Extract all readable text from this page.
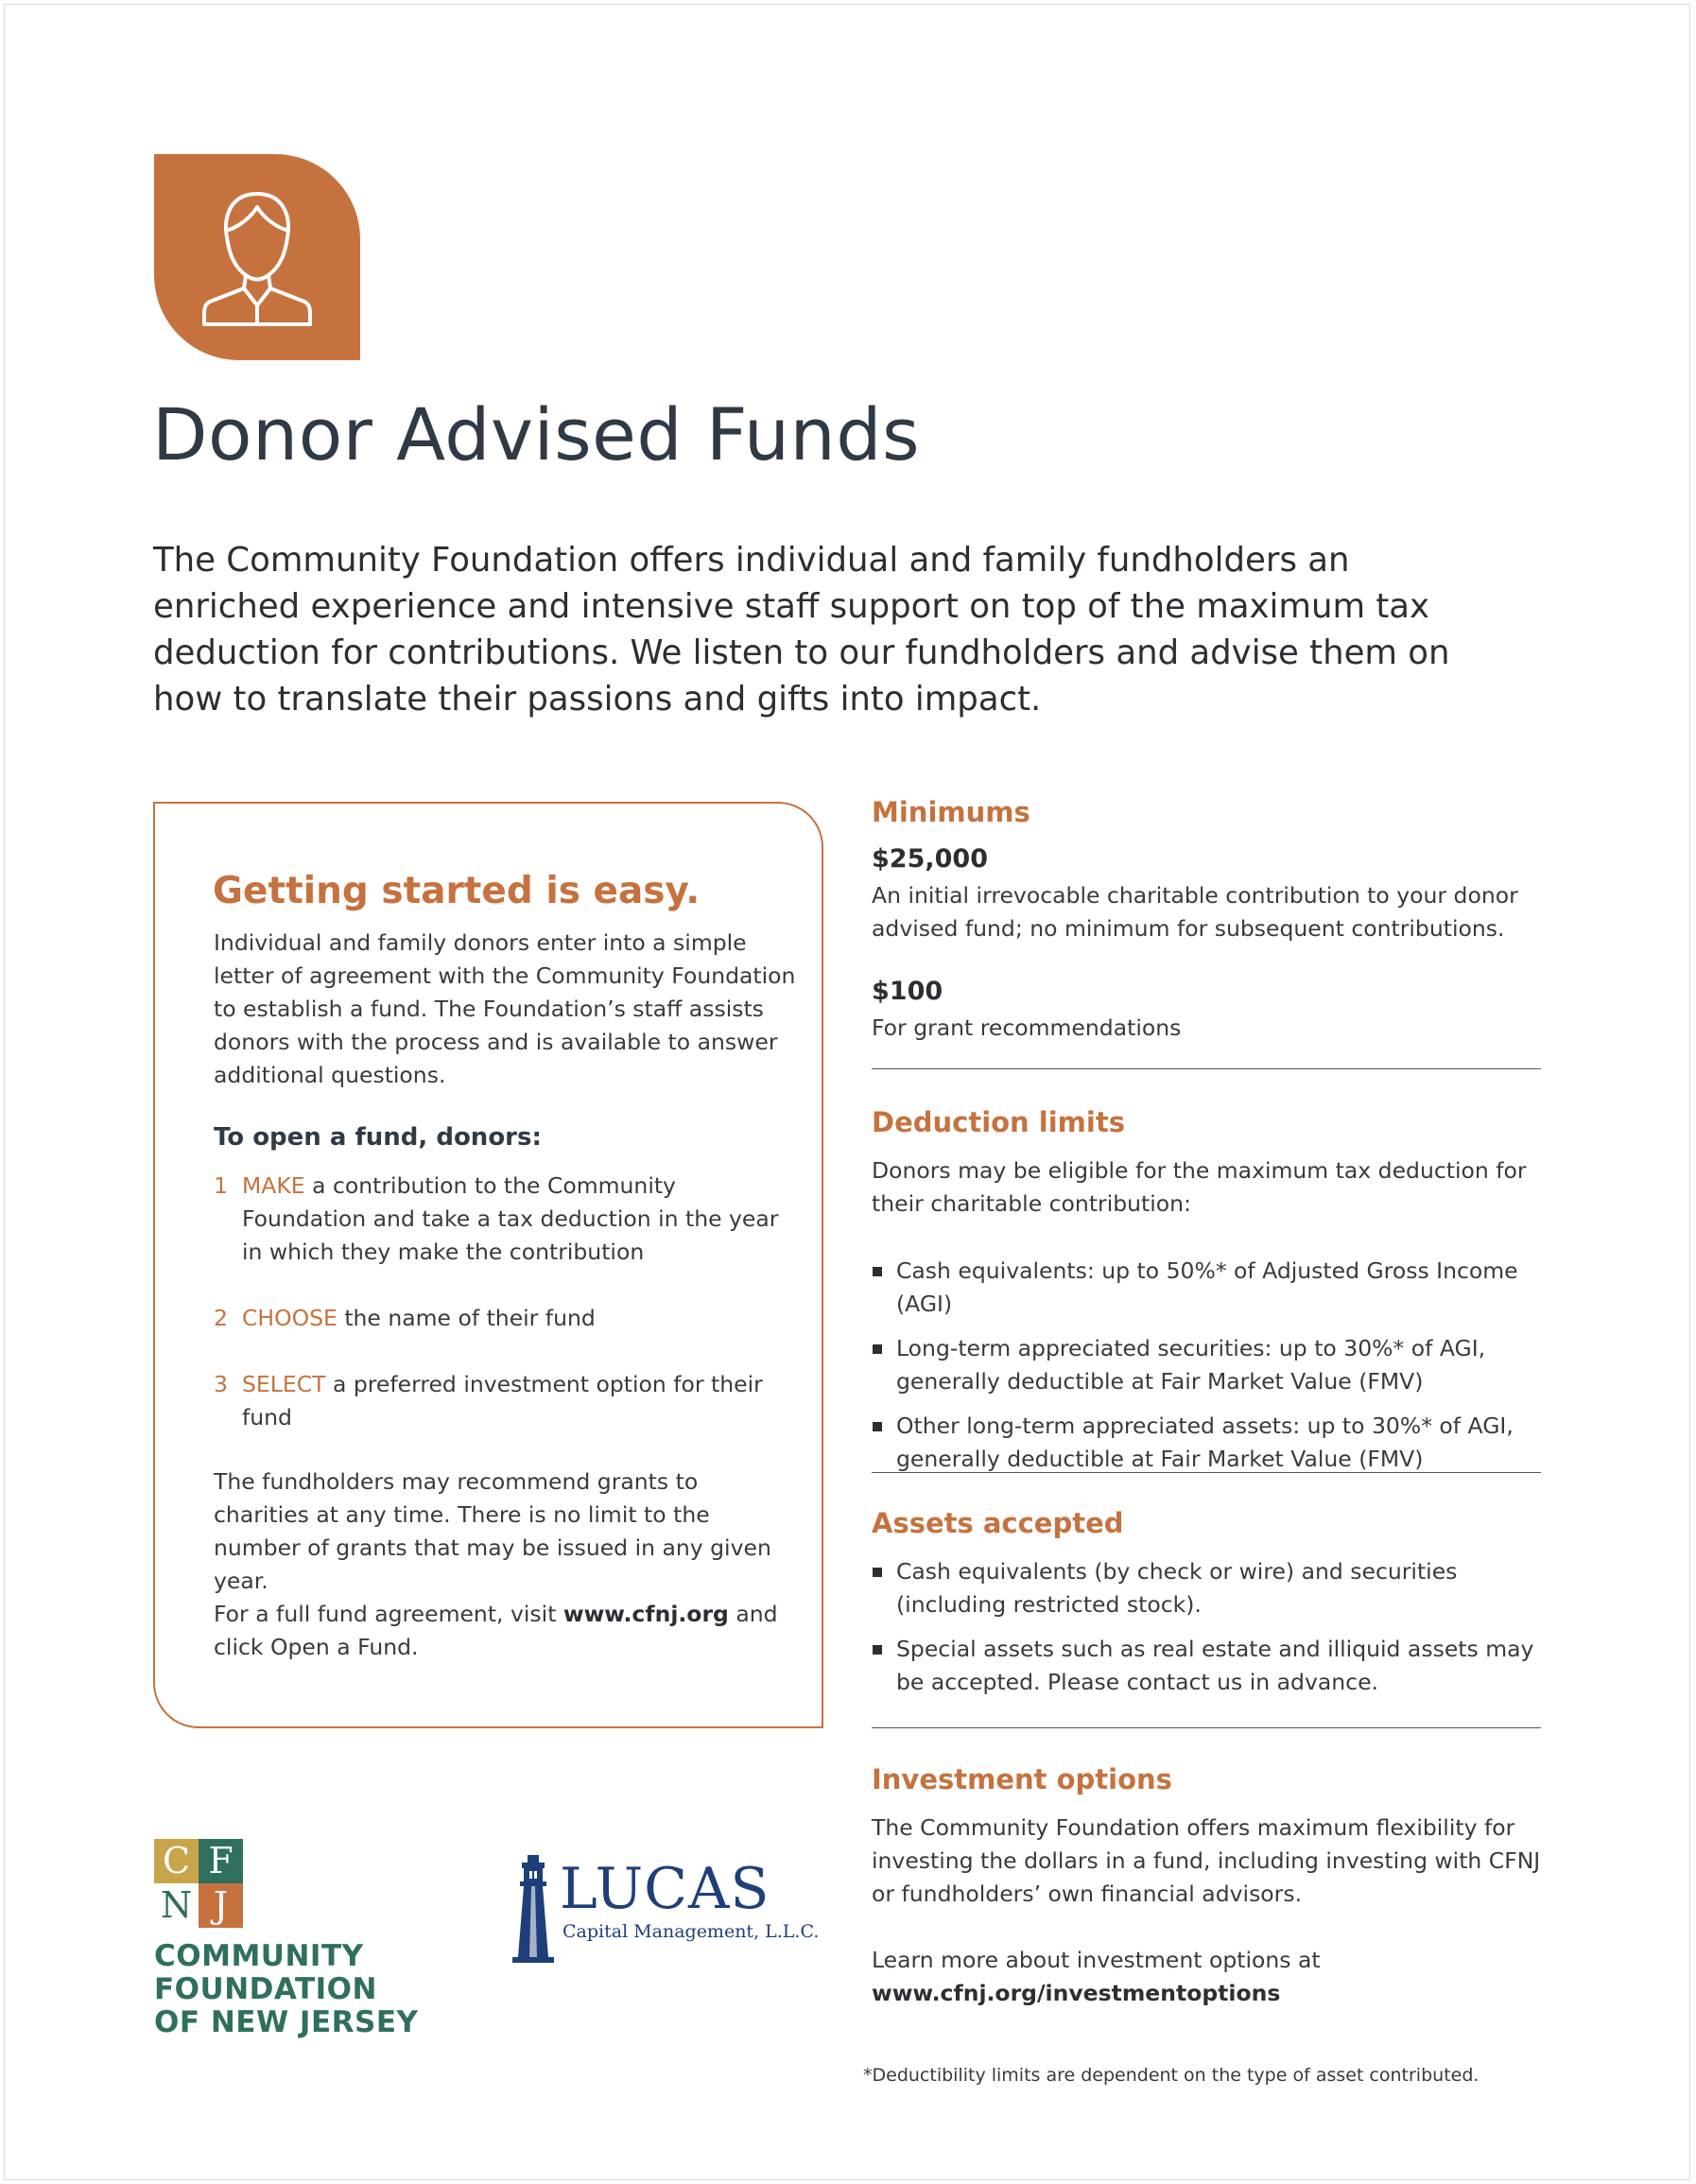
Donor Advised Funds

The Community Foundation offers individual and family fundholders an enriched experience and intensive staff support on top of the maximum tax deduction for contributions. We listen to our fundholders and advise them on how to translate their passions and gifts into impact.

Getting started is easy.

Individual and family donors enter into a simple letter of agreement with the Community Foundation to establish a fund. The Foundation’s staff assists donors with the process and is available to answer additional questions.

To open a fund, donors:
1 MAKE a contribution to the Community Foundation and take a tax deduction in the year in which they make the contribution
2 CHOOSE the name of their fund
3 SELECT a preferred investment option for their fund

The fundholders may recommend grants to charities at any time. There is no limit to the number of grants that may be issued in any given year.

For a full fund agreement, visit www.cfnj.org and click Open a Fund.

Minimums

$25,000

An initial irrevocable charitable contribution to your donor advised fund; no minimum for subsequent contributions.

$100

For grant recommendations

Deduction limits

Donors may be eligible for the maximum tax deduction for their charitable contribution:

Cash equivalents: up to 50%* of Adjusted Gross Income (AGI)
Long-term appreciated securities: up to 30%* of AGI, generally deductible at Fair Market Value (FMV)
Other long-term appreciated assets: up to 30%* of AGI, generally deductible at Fair Market Value (FMV)
Assets accepted
Cash equivalents (by check or wire) and securities (including restricted stock).
Special assets such as real estate and illiquid assets may be accepted. Please contact us in advance.
Investment options

The Community Foundation offers maximum flexibility for investing the dollars in a fund, including investing with CFNJ or fundholders’ own financial advisors.

Learn more about investment options at
www.cfnj.org/investmentoptions

*Deductibility limits are dependent on the type of asset contributed.

C F
N J

COMMUNITY
FOUNDATION
OF NEW JERSEY

LUCAS

Capital Management, L.L.C.
